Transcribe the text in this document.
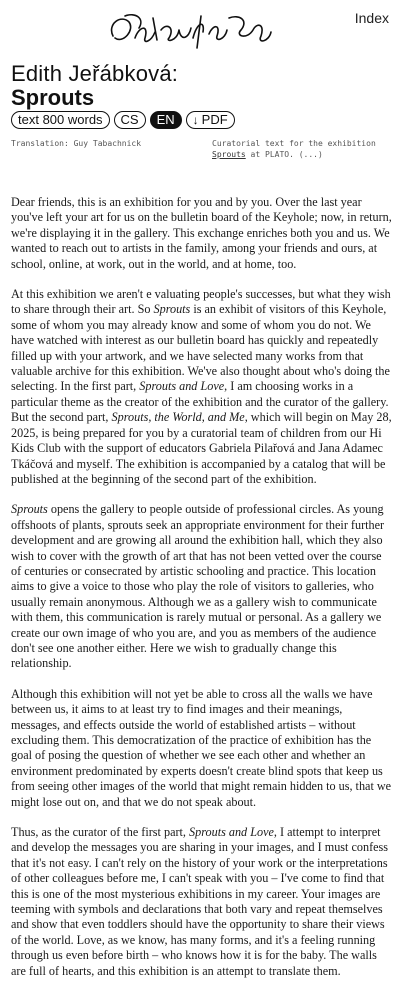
Index
Edith Jeřábková:
Sprouts
text 800 words	CS	EN	↓ PDF
Translation: Guy Tabachnick	Curatorial text for the exhibition Sprouts at PLATO. (...)

Dear friends, this is an exhibition for you and by you. Over the last year you've left your art for us on the bulletin board of the Keyhole; now, in return, we're displaying it in the gallery. This exchange enriches both you and us. We wanted to reach out to artists in the family, among your friends and ours, at school, online, at work, out in the world, and at home, too.

At this exhibition we aren't e valuating people's successes, but what they wish to share through their art. So Sprouts is an exhibit of visitors of this Keyhole, some of whom you may already know and some of whom you do not. We have watched with interest as our bulletin board has quickly and repeatedly filled up with your artwork, and we have selected many works from that valuable archive for this exhibition. We've also thought about who's doing the selecting. In the first part, Sprouts and Love, I am choosing works in a particular theme as the creator of the exhibition and the curator of the gallery. But the second part, Sprouts, the World, and Me, which will begin on May 28, 2025, is being prepared for you by a curatorial team of children from our Hi Kids Club with the support of educators Gabriela Pilařová and Jana Adamec Tkáčová and myself. The exhibition is accompanied by a catalog that will be published at the beginning of the second part of the exhibition.

Sprouts opens the gallery to people outside of professional circles. As young offshoots of plants, sprouts seek an appropriate environment for their further development and are growing all around the exhibition hall, which they also wish to cover with the growth of art that has not been vetted over the course of centuries or consecrated by artistic schooling and practice. This location aims to give a voice to those who play the role of visitors to galleries, who usually remain anonymous. Although we as a gallery wish to communicate with them, this communication is rarely mutual or personal. As a gallery we create our own image of who you are, and you as members of the audience don't see one another either. Here we wish to gradually change this relationship.

Although this exhibition will not yet be able to cross all the walls we have between us, it aims to at least try to find images and their meanings, messages, and effects outside the world of established artists – without excluding them. This democratization of the practice of exhibition has the goal of posing the question of whether we see each other and whether an environment predominated by experts doesn't create blind spots that keep us from seeing other images of the world that might remain hidden to us, that we might lose out on, and that we do not speak about.

Thus, as the curator of the first part, Sprouts and Love, I attempt to interpret and develop the messages you are sharing in your images, and I must confess that it's not easy. I can't rely on the history of your work or the interpretations of other colleagues before me, I can't speak with you – I've come to find that this is one of the most mysterious exhibitions in my career. Your images are teeming with symbols and declarations that both vary and repeat themselves and show that even toddlers should have the opportunity to share their views of the world. Love, as we know, has many forms, and it's a feeling running through us even before birth – who knows how it is for the baby. The walls are full of hearts, and this exhibition is an attempt to translate them.
